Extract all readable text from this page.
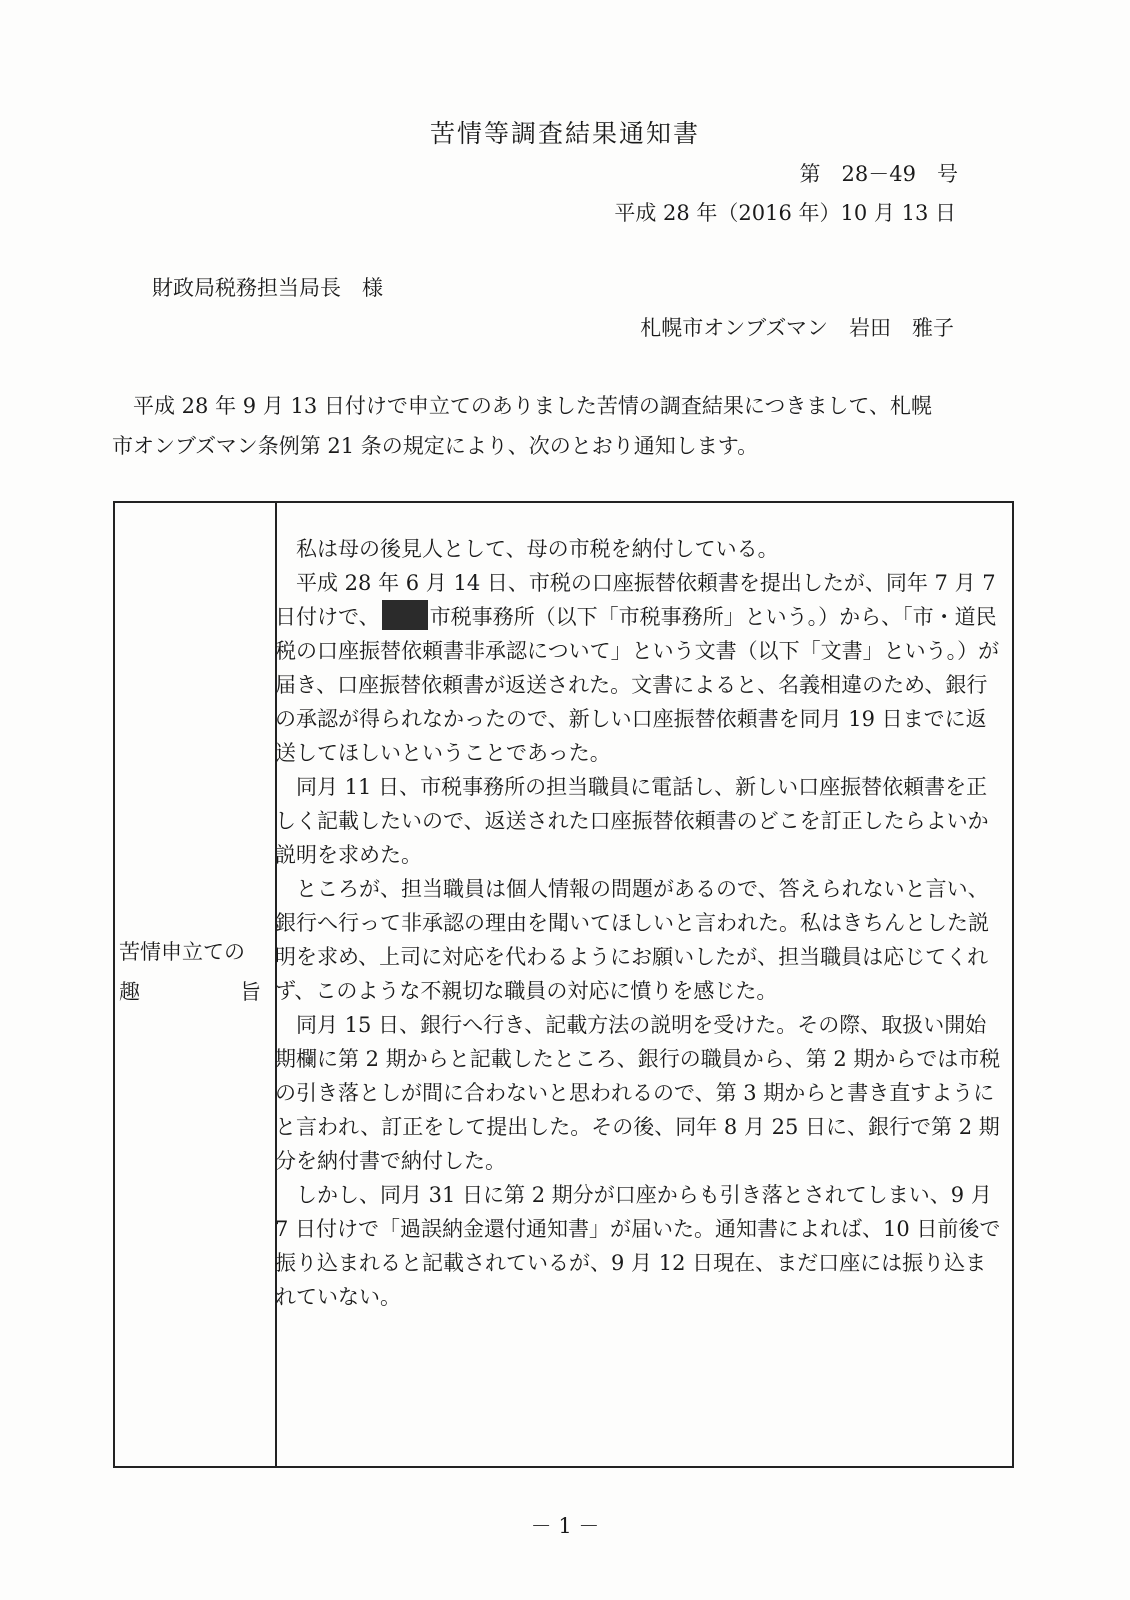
苦情等調査結果通知書
第　28－49　号
平成 28 年（2016 年）10 月 13 日
財政局税務担当局長　様
札幌市オンブズマン　岩田　雅子

平成 28 年 9 月 13 日付けで申立てのありました苦情の調査結果につきまして、札幌

市オンブズマン条例第 21 条の規定により、次のとおり通知します。

苦情申立ての
趣	旨

私は母の後見人として、母の市税を納付している。

平成 28 年 6 月 14 日、市税の口座振替依頼書を提出したが、同年 7 月 7 日付けで、 市税事務所（以下「市税事務所」という。）から、「市・道民税の口座振替依頼書非承認について」という文書（以下「文書」という。）が届き、口座振替依頼書が返送された。文書によると、名義相違のため、銀行の承認が得られなかったので、新しい口座振替依頼書を同月 19 日までに返送してほしいということであった。

同月 11 日、市税事務所の担当職員に電話し、新しい口座振替依頼書を正しく記載したいので、返送された口座振替依頼書のどこを訂正したらよいか説明を求めた。

ところが、担当職員は個人情報の問題があるので、答えられないと言い、銀行へ行って非承認の理由を聞いてほしいと言われた。私はきちんとした説明を求め、上司に対応を代わるようにお願いしたが、担当職員は応じてくれず、このような不親切な職員の対応に憤りを感じた。

同月 15 日、銀行へ行き、記載方法の説明を受けた。その際、取扱い開始期欄に第 2 期からと記載したところ、銀行の職員から、第 2 期からでは市税の引き落としが間に合わないと思われるので、第 3 期からと書き直すようにと言われ、訂正をして提出した。その後、同年 8 月 25 日に、銀行で第 2 期分を納付書で納付した。

しかし、同月 31 日に第 2 期分が口座からも引き落とされてしまい、9 月 7 日付けで「過誤納金還付通知書」が届いた。通知書によれば、10 日前後で振り込まれると記載されているが、9 月 12 日現在、まだ口座には振り込まれていない。

－ 1 －
